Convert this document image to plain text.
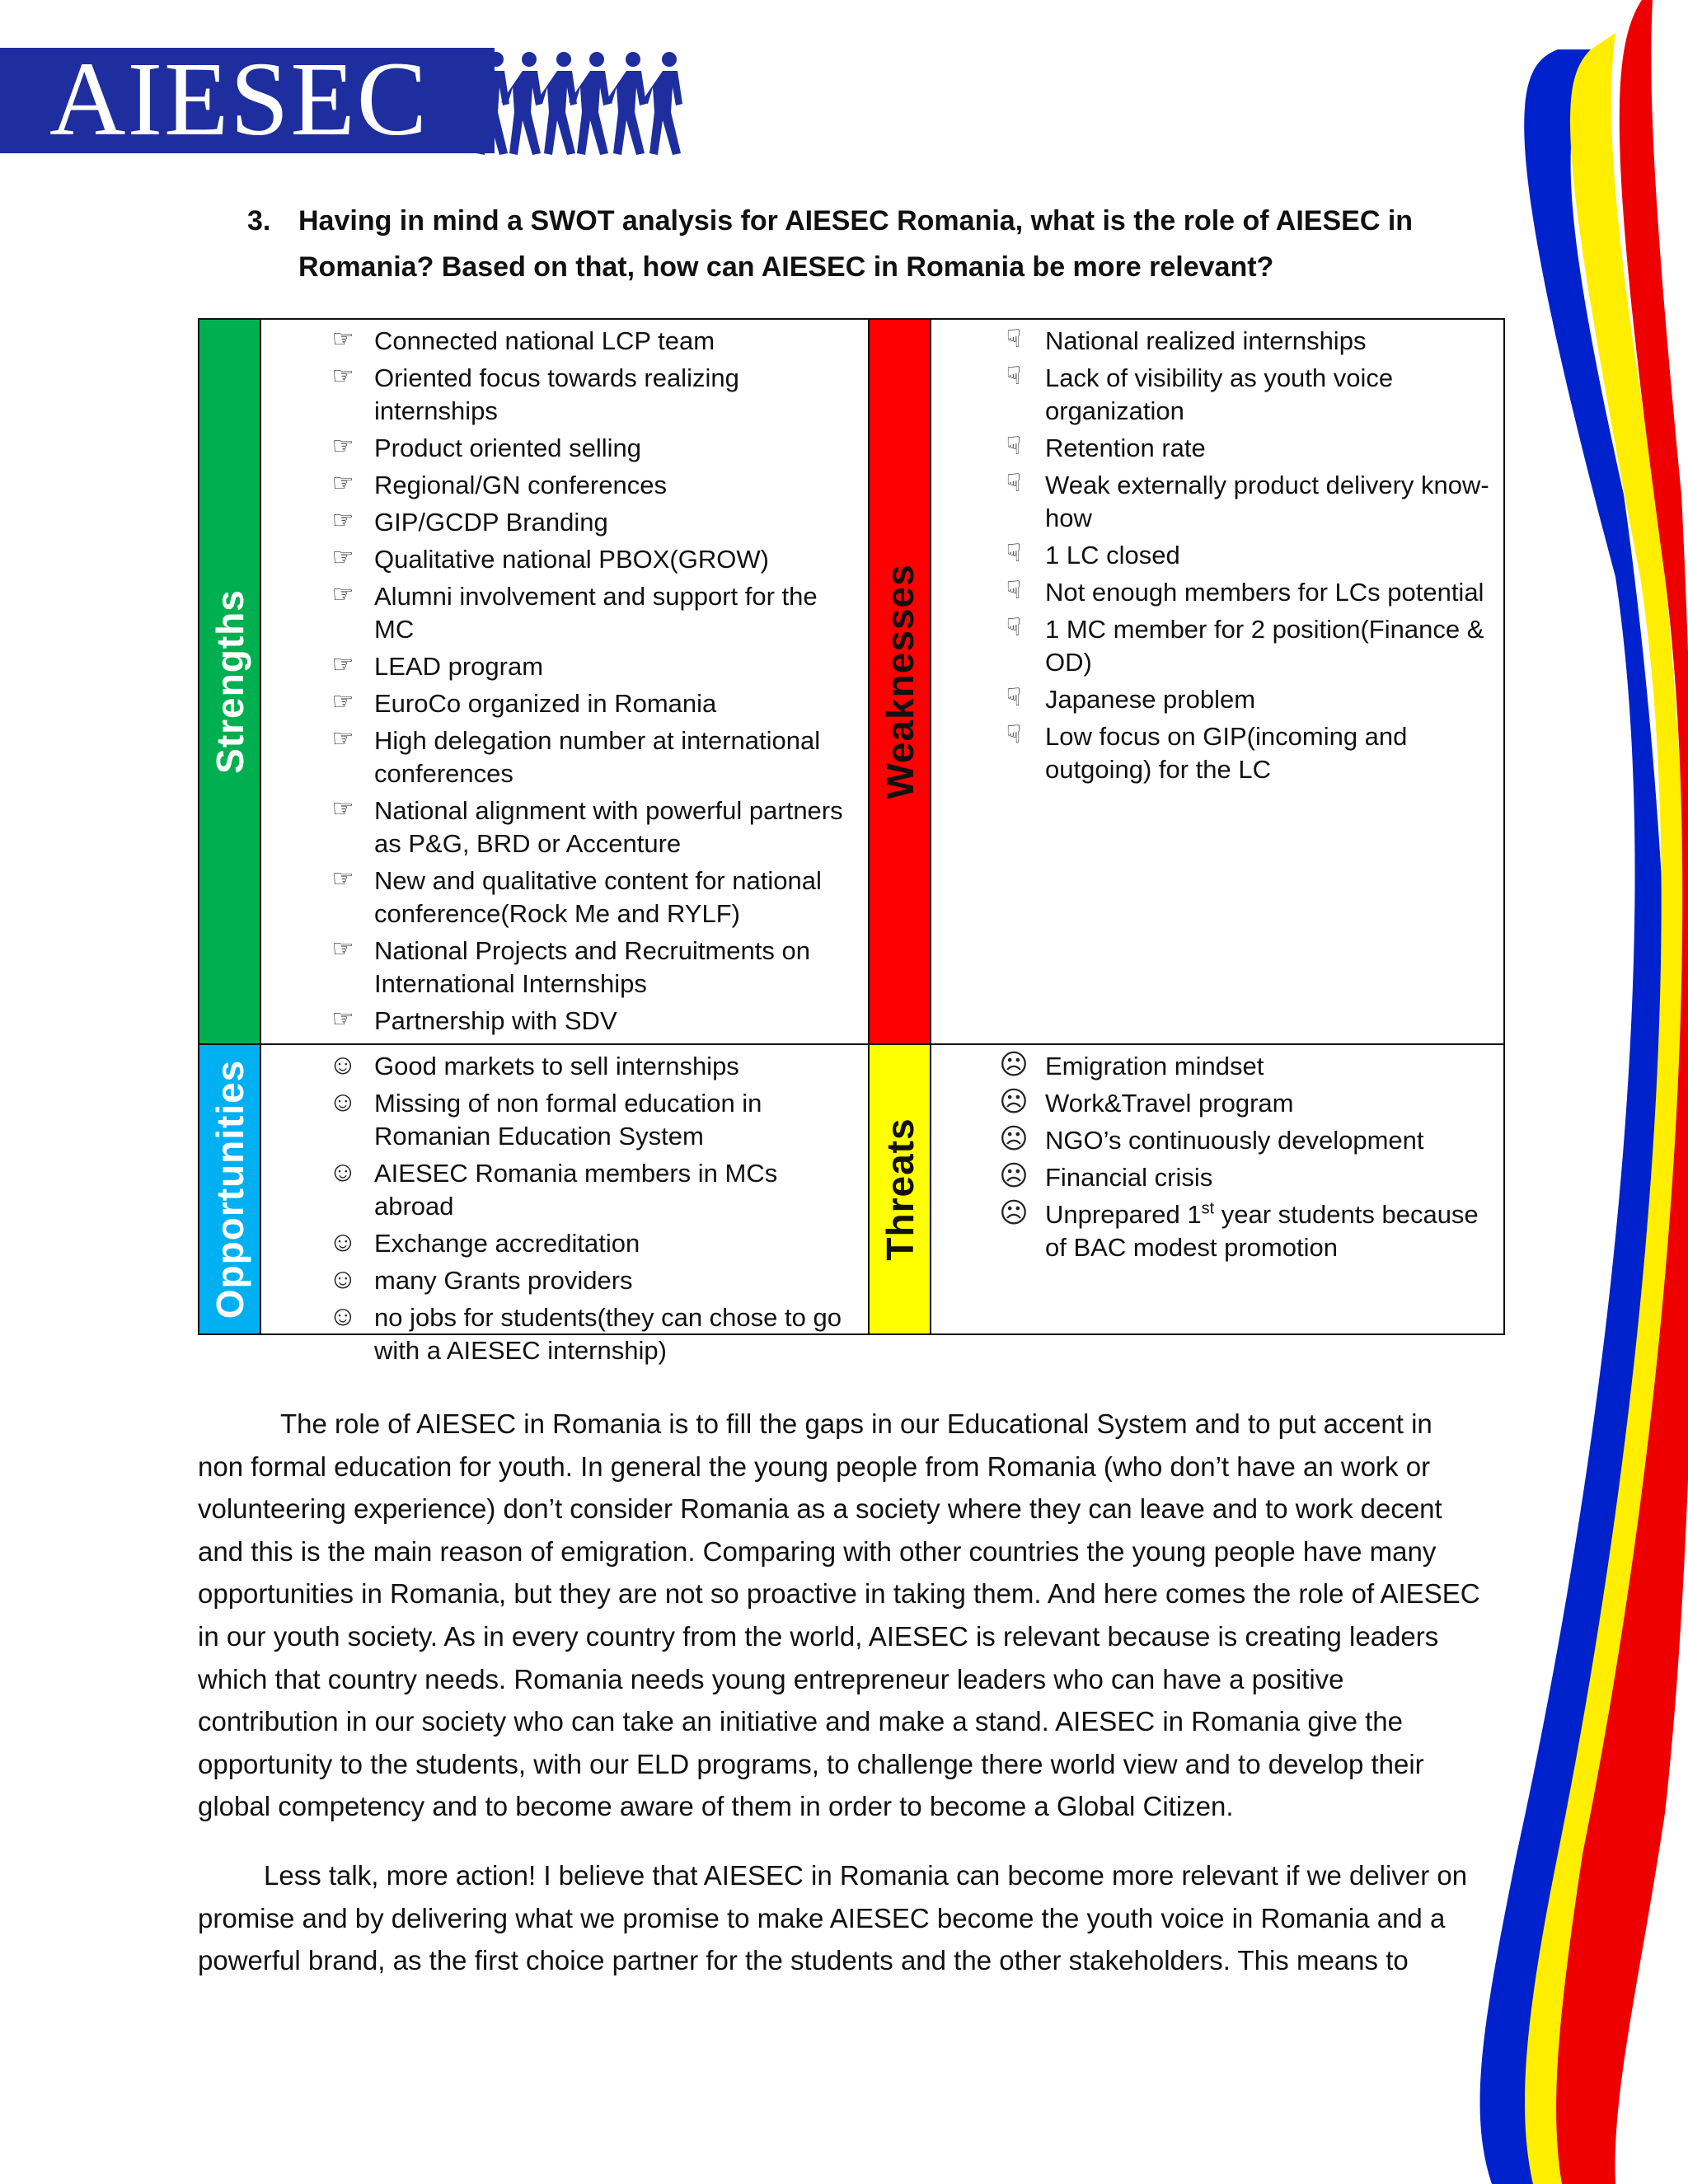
AIESEC
3. Having in mind a SWOT analysis for AIESEC Romania, what is the role of AIESEC in Romania? Based on that, how can AIESEC in Romania be more relevant?
Strengths
☞ Connected national LCP team
☞ Oriented focus towards realizing internships
☞ Product oriented selling
☞ Regional/GN conferences
☞ GIP/GCDP Branding
☞ Qualitative national PBOX(GROW)
☞ Alumni involvement and support for the MC
☞ LEAD program
☞ EuroCo organized in Romania
☞ High delegation number at international conferences
☞ National alignment with powerful partners as P&G, BRD or Accenture
☞ New and qualitative content for national conference(Rock Me and RYLF)
☞ National Projects and Recruitments on International Internships
☞ Partnership with SDV
Weaknesses
☟ National realized internships
☟ Lack of visibility as youth voice organization
☟ Retention rate
☟ Weak externally product delivery know-how
☟ 1 LC closed
☟ Not enough members for LCs potential
☟ 1 MC member for 2 position(Finance & OD)
☟ Japanese problem
☟ Low focus on GIP(incoming and outgoing) for the LC
Opportunities	☺ Good markets to sell internships
☺ Missing of non formal education in Romanian Education System
☺ AIESEC Romania members in MCs abroad
☺ Exchange accreditation
☺ many Grants providers
☺ no jobs for students(they can chose to go with a AIESEC internship)
Threats
☹ Emigration mindset
☹ Work&Travel program
☹ NGO’s continuously development
☹ Financial crisis
☹ Unprepared 1st year students because of BAC modest promotion

The role of AIESEC in Romania is to fill the gaps in our Educational System and to put accent in non formal education for youth. In general the young people from Romania (who don’t have an work or volunteering experience) don’t consider Romania as a society where they can leave and to work decent and this is the main reason of emigration. Comparing with other countries the young people have many opportunities in Romania, but they are not so proactive in taking them. And here comes the role of AIESEC in our youth society. As in every country from the world, AIESEC is relevant because is creating leaders which that country needs. Romania needs young entrepreneur leaders who can have a positive contribution in our society who can take an initiative and make a stand. AIESEC in Romania give the opportunity to the students, with our ELD programs, to challenge there world view and to develop their global competency and to become aware of them in order to become a Global Citizen.

Less talk, more action! I believe that AIESEC in Romania can become more relevant if we deliver on promise and by delivering what we promise to make AIESEC become the youth voice in Romania and a powerful brand, as the first choice partner for the students and the other stakeholders. This means to
